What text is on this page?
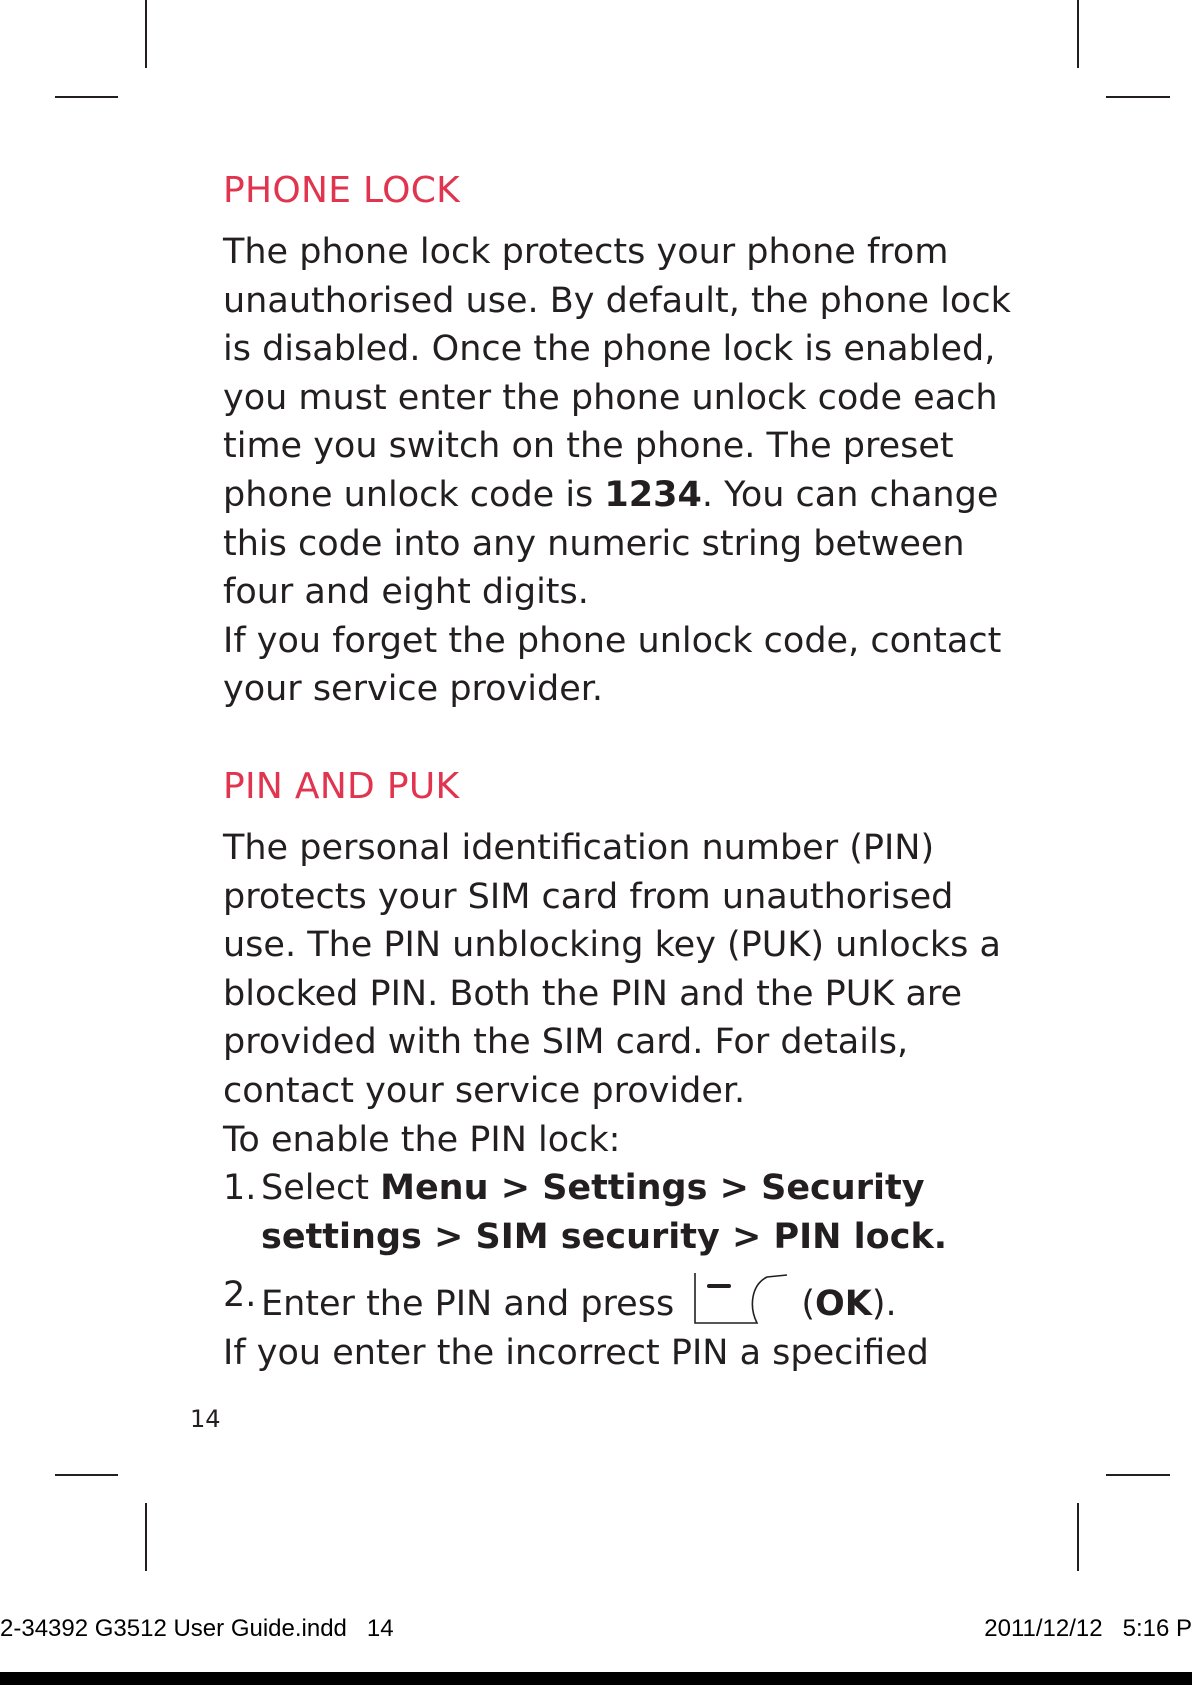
PHONE LOCK

The phone lock protects your phone from unauthorised use. By default, the phone lock is disabled. Once the phone lock is enabled, you must enter the phone unlock code each time you switch on the phone. The preset phone unlock code is 1234. You can change this code into any numeric string between four and eight digits.

If you forget the phone unlock code, contact your service provider.

PIN AND PUK

The personal identification number (PIN) protects your SIM card from unauthorised use. The PIN unblocking key (PUK) unlocks a blocked PIN. Both the PIN and the PUK are provided with the SIM card. For details, contact your service provider.

To enable the PIN lock:

1. Select Menu > Settings > Security settings > SIM security > PIN lock.
2. Enter the PIN and press	(OK).

If you enter the incorrect PIN a specified

14
2-34392 G3512 User Guide.indd   14	2011/12/12   5:16 P
